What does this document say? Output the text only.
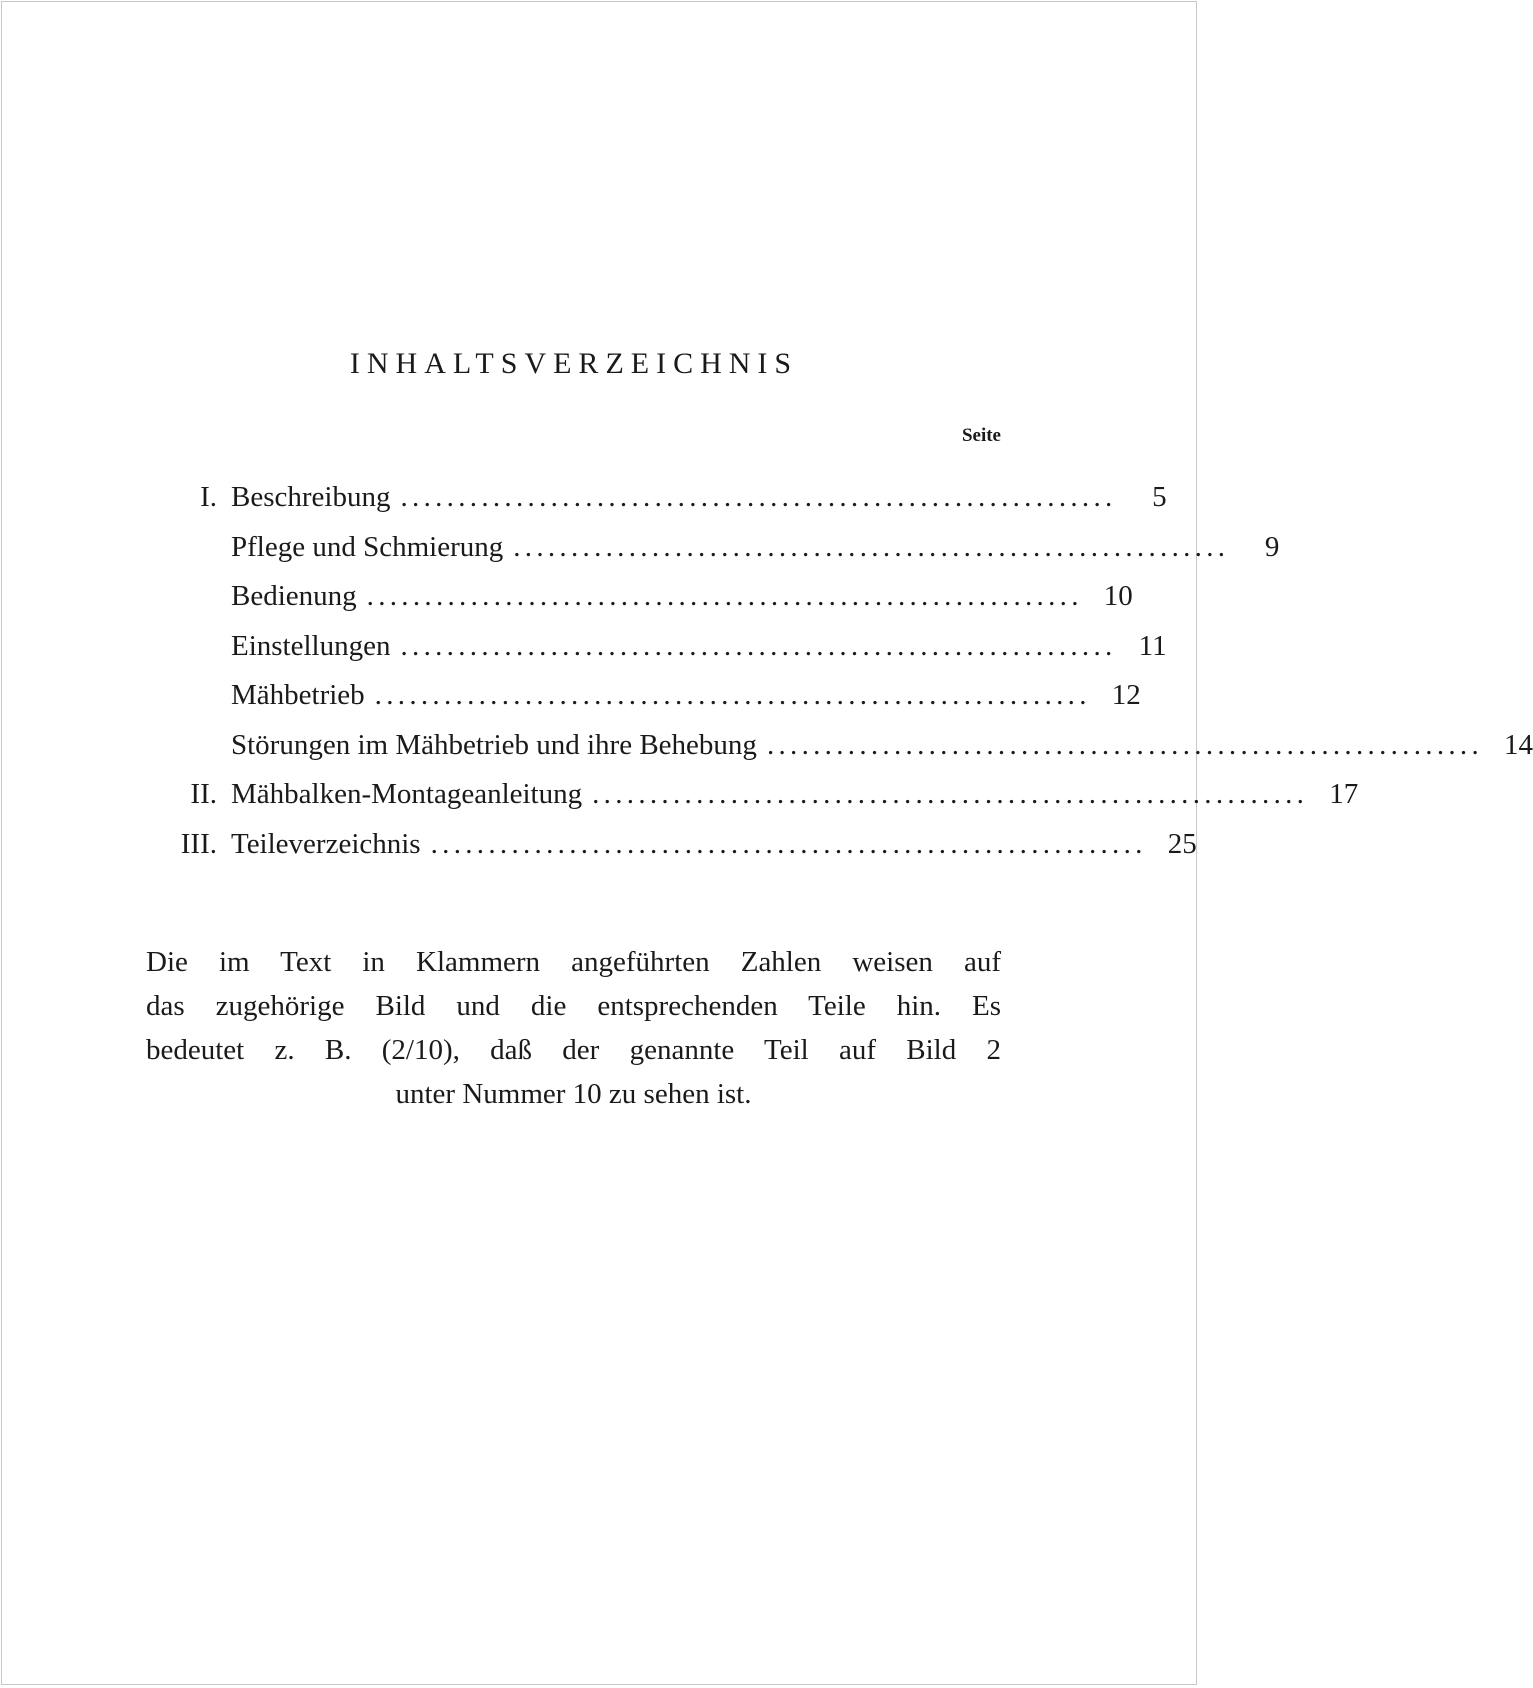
INHALTSVERZEICHNIS
Seite
I. Beschreibung ..............................................................	5
Pflege und Schmierung ..............................................................	9
Bedienung .............................................................. 10
Einstellungen .............................................................. 11
Mähbetrieb .............................................................. 12
Störungen im Mähbetrieb und ihre Behebung .............................................................. 14
II. Mähbalken-Montageanleitung .............................................................. 17
III. Teileverzeichnis .............................................................. 25
Die im Text in Klammern angeführten Zahlen weisen auf
das zugehörige Bild und die entsprechenden Teile hin. Es
bedeutet z. B. (2/10), daß der genannte Teil auf Bild 2
unter Nummer 10 zu sehen ist.
